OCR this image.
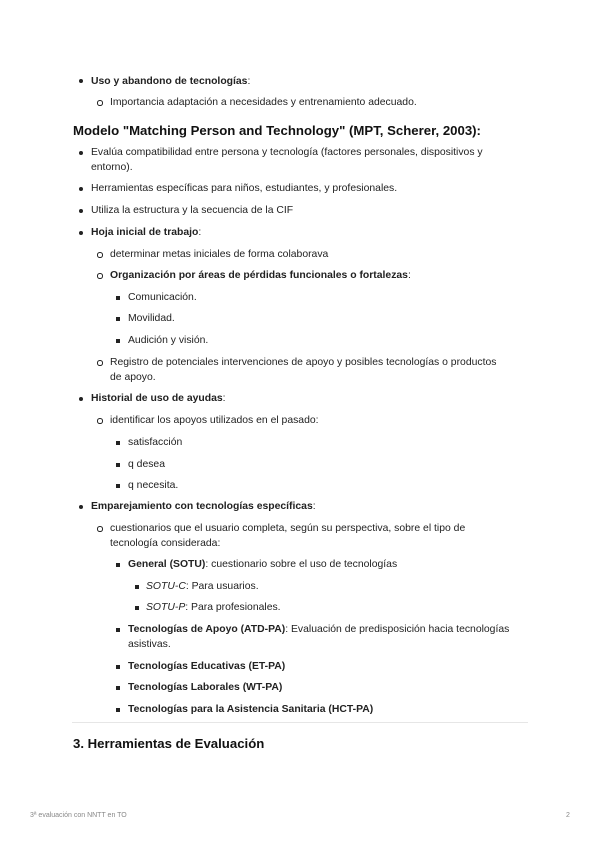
Uso y abandono de tecnologías:
Importancia adaptación a necesidades y entrenamiento adecuado.
Modelo "Matching Person and Technology" (MPT, Scherer, 2003):
Evalúa compatibilidad entre persona y tecnología (factores personales, dispositivos y
entorno).
Herramientas específicas para niños, estudiantes, y profesionales.
Utiliza la estructura y la secuencia de la CIF
Hoja inicial de trabajo:
determinar metas iniciales de forma colaborava
Organización por áreas de pérdidas funcionales o fortalezas:
Comunicación.
Movilidad.
Audición y visión.
Registro de potenciales intervenciones de apoyo y posibles tecnologías o productos
de apoyo.
Historial de uso de ayudas:
identificar los apoyos utilizados en el pasado:
satisfacción
q desea
q necesita.
Emparejamiento con tecnologías específicas:
cuestionarios que el usuario completa, según su perspectiva, sobre el tipo de
tecnología considerada:
General (SOTU): cuestionario sobre el uso de tecnologías
SOTU-C: Para usuarios.
SOTU-P: Para profesionales.
Tecnologías de Apoyo (ATD-PA): Evaluación de predisposición hacia tecnologías
asistivas.
Tecnologías Educativas (ET-PA)
Tecnologías Laborales (WT-PA)
Tecnologías para la Asistencia Sanitaria (HCT-PA)
3. Herramientas de Evaluación
3ª evaluación con NNTT en TO	2
